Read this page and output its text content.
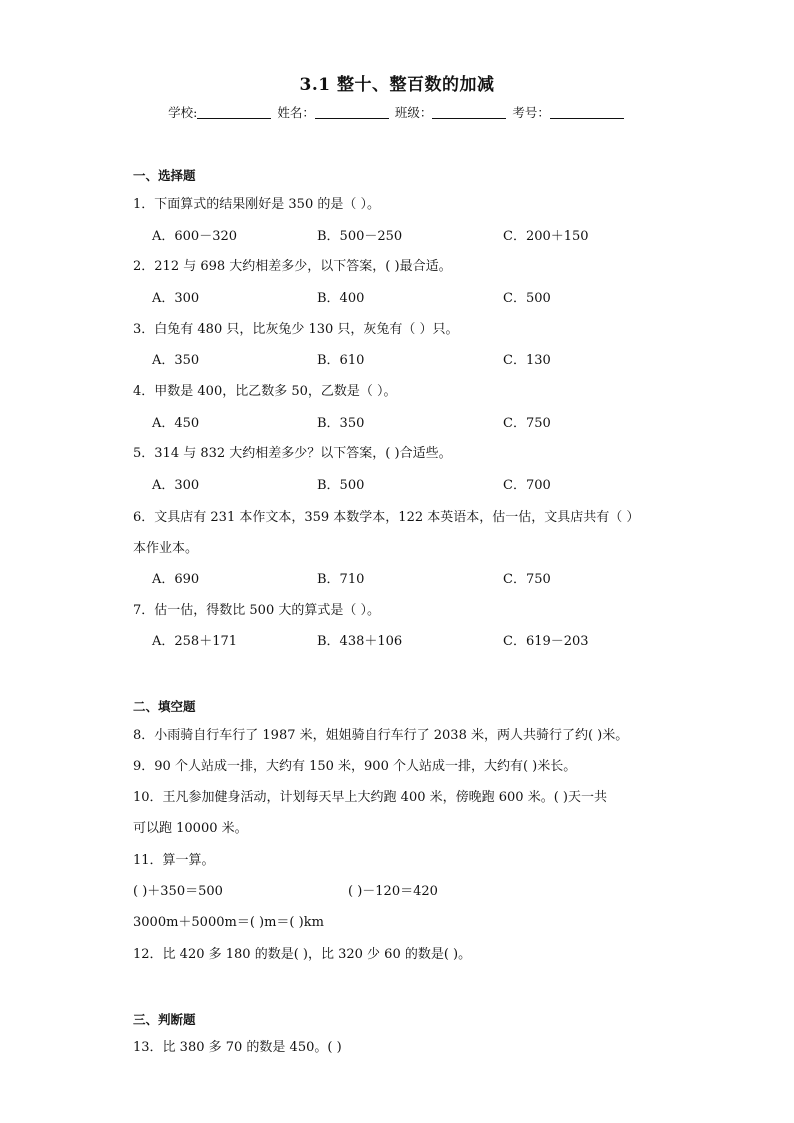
3.1 整十、整百数的加减
学校:	姓名：	班级：	考号：
一、选择题
1．下面算式的结果刚好是 350 的是（ ）。
A．600－320	B．500－250	C．200＋150
2．212 与 698 大约相差多少，以下答案，( )最合适。
A．300	B．400	C．500
3．白兔有 480 只，比灰兔少 130 只，灰兔有（ ）只。
A．350	B．610	C．130
4．甲数是 400，比乙数多 50，乙数是（ ）。
A．450	B．350	C．750
5．314 与 832 大约相差多少？以下答案，( )合适些。
A．300	B．500	C．700
6．文具店有 231 本作文本，359 本数学本，122 本英语本，估一估，文具店共有（ ）
本作业本。
A．690	B．710	C．750
7．估一估，得数比 500 大的算式是（ ）。
A．258＋171	B．438＋106	C．619－203
二、填空题
8．小雨骑自行车行了 1987 米，姐姐骑自行车行了 2038 米，两人共骑行了约( )米。
9．90 个人站成一排，大约有 150 米，900 个人站成一排，大约有( )米长。
10．王凡参加健身活动，计划每天早上大约跑 400 米，傍晚跑 600 米。( )天一共
可以跑 10000 米。
11．算一算。
( )＋350＝500	( )－120＝420
3000m＋5000m＝( )m＝( )km
12．比 420 多 180 的数是( )，比 320 少 60 的数是( )。
三、判断题
13．比 380 多 70 的数是 450。( )
